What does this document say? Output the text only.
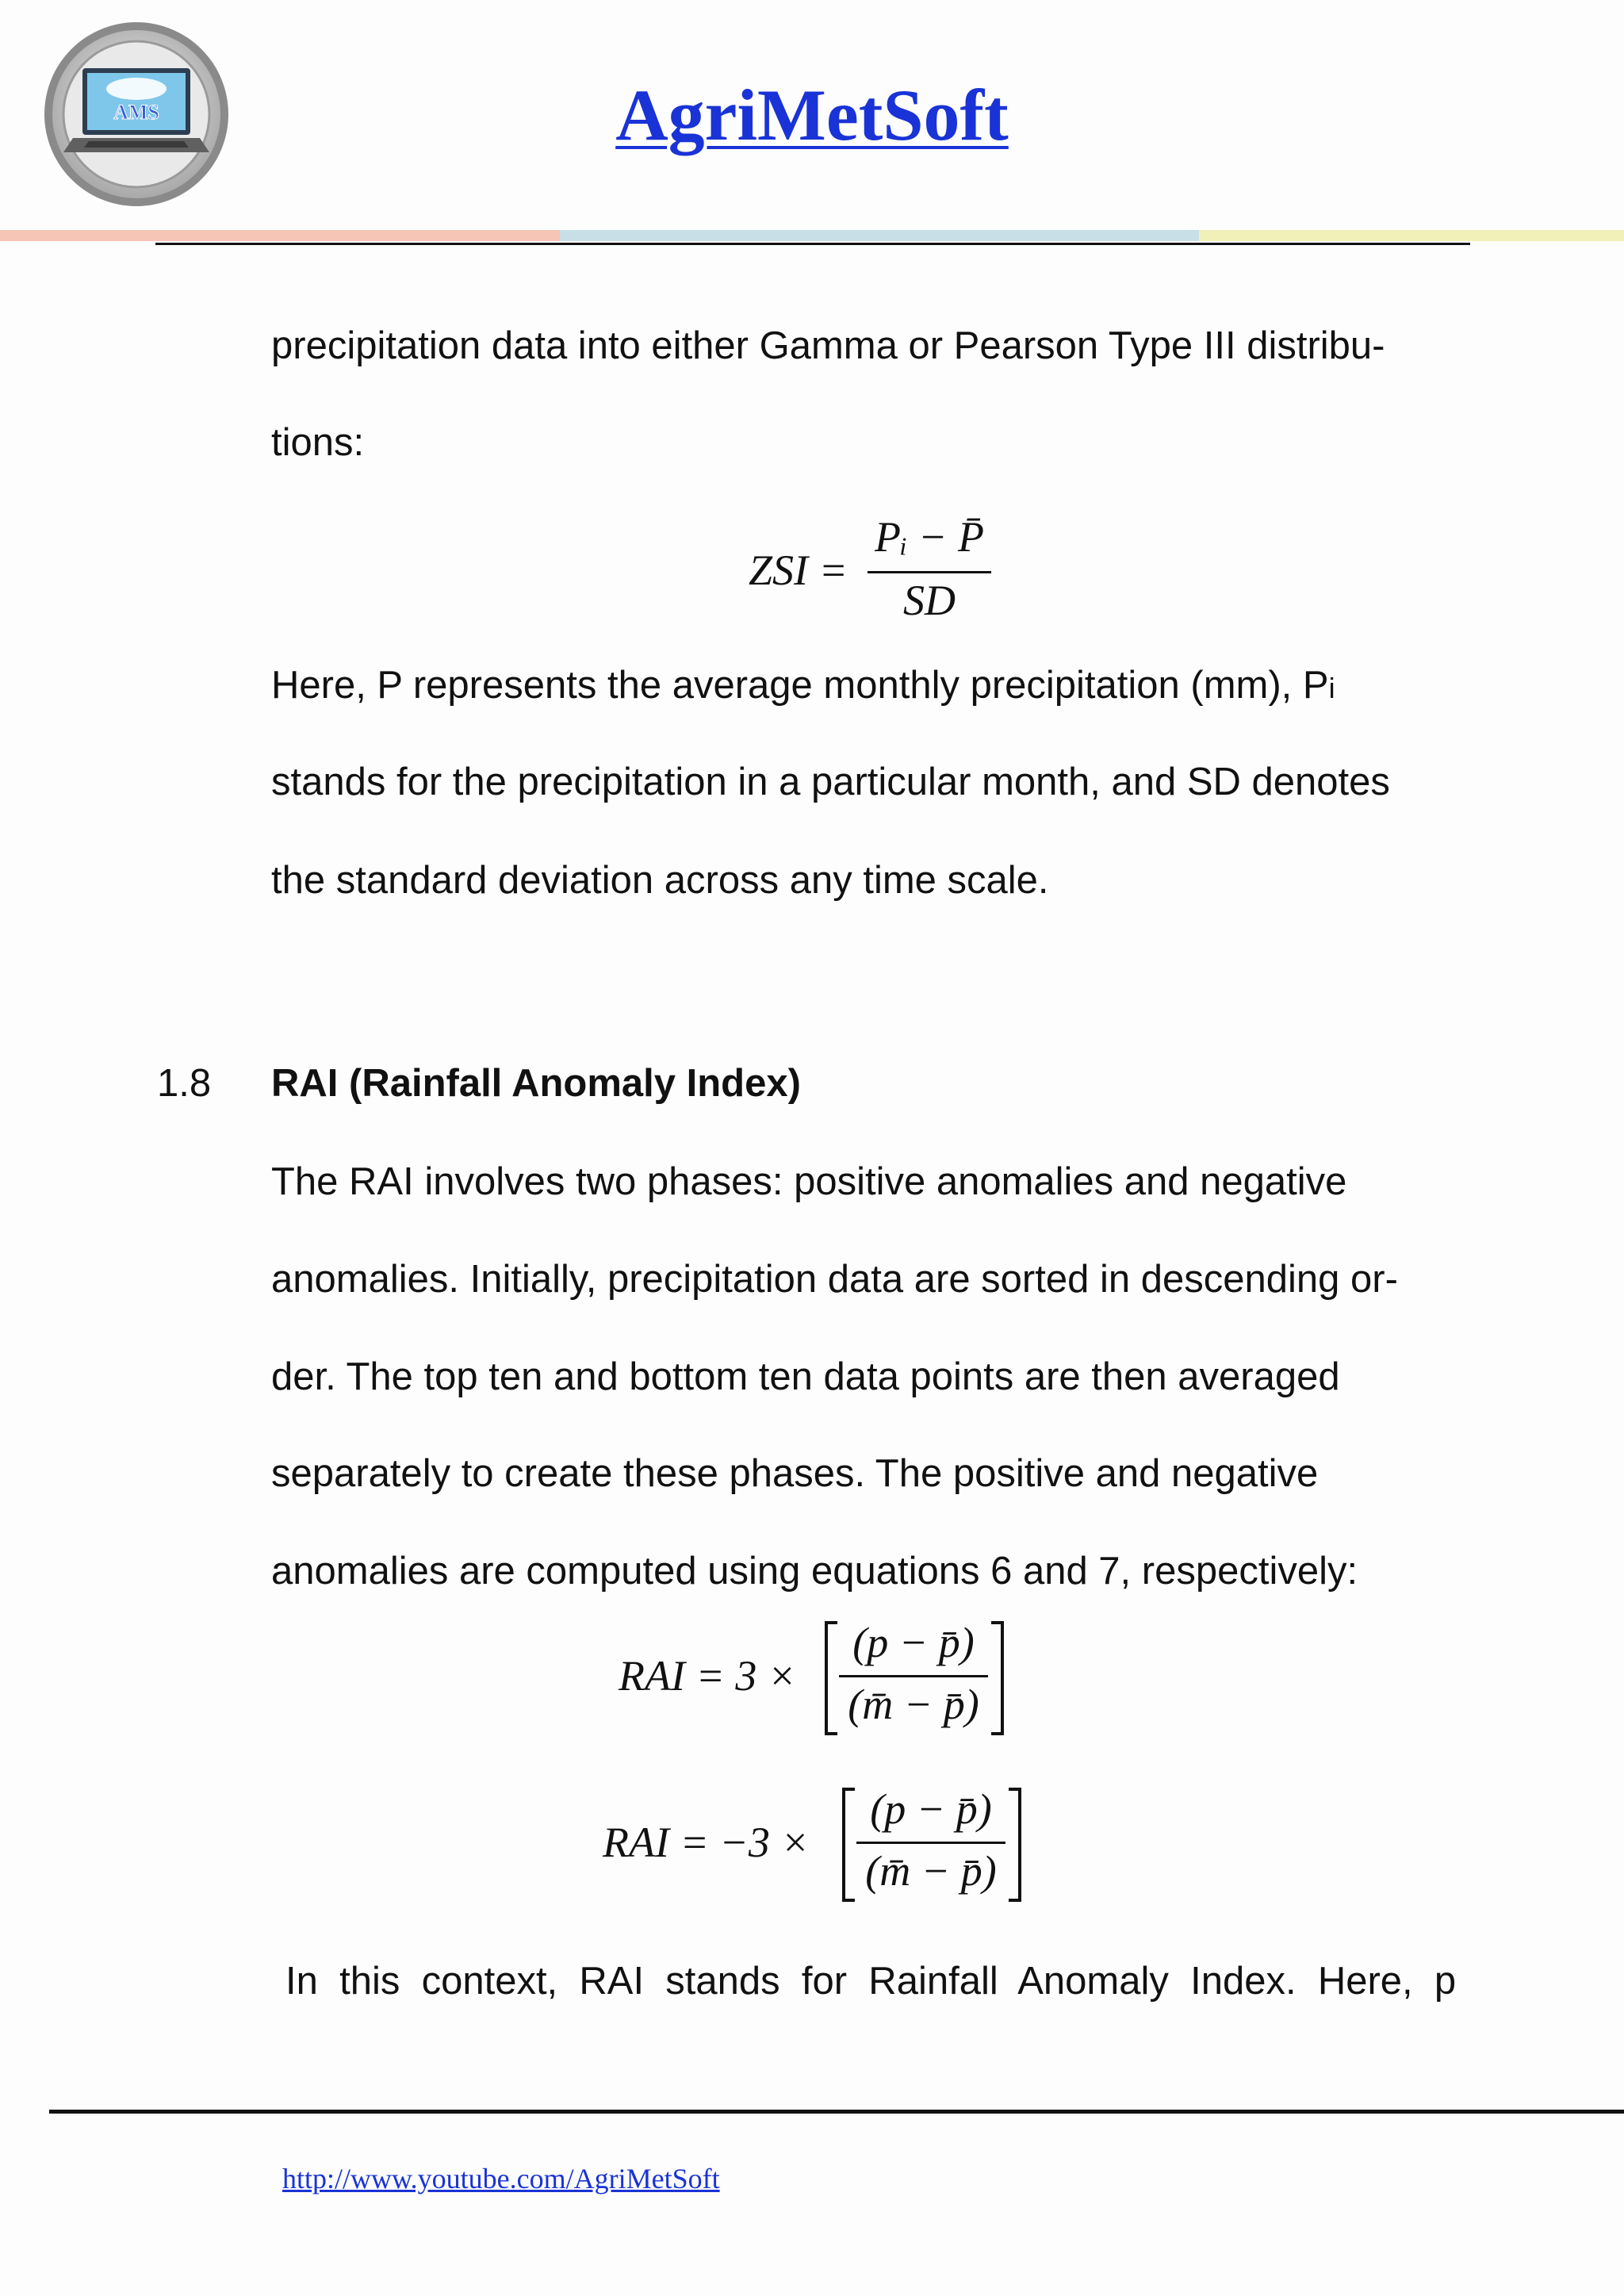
AMS	AgriMetSoft
precipitation data into either Gamma or Pearson Type III distribu-
tions:
ZSI =
Pᵢ − P̄
SD
Here, P represents the average monthly precipitation (mm), Pi
stands for the precipitation in a particular month, and SD denotes
the standard deviation across any time scale.
1.8 RAI (Rainfall Anomaly Index)
The RAI involves two phases: positive anomalies and negative
anomalies. Initially, precipitation data are sorted in descending or-
der. The top ten and bottom ten data points are then averaged
separately to create these phases. The positive and negative
anomalies are computed using equations 6 and 7, respectively:
RAI = 3 ×
(p − p̄)
(m̄ − p̄)
RAI = −3 ×
(p − p̄)
(m̄ − p̄)
In  this  context,  RAI  stands  for  Rainfall  Anomaly  Index.  Here,  p
http://www.youtube.com/AgriMetSoft
